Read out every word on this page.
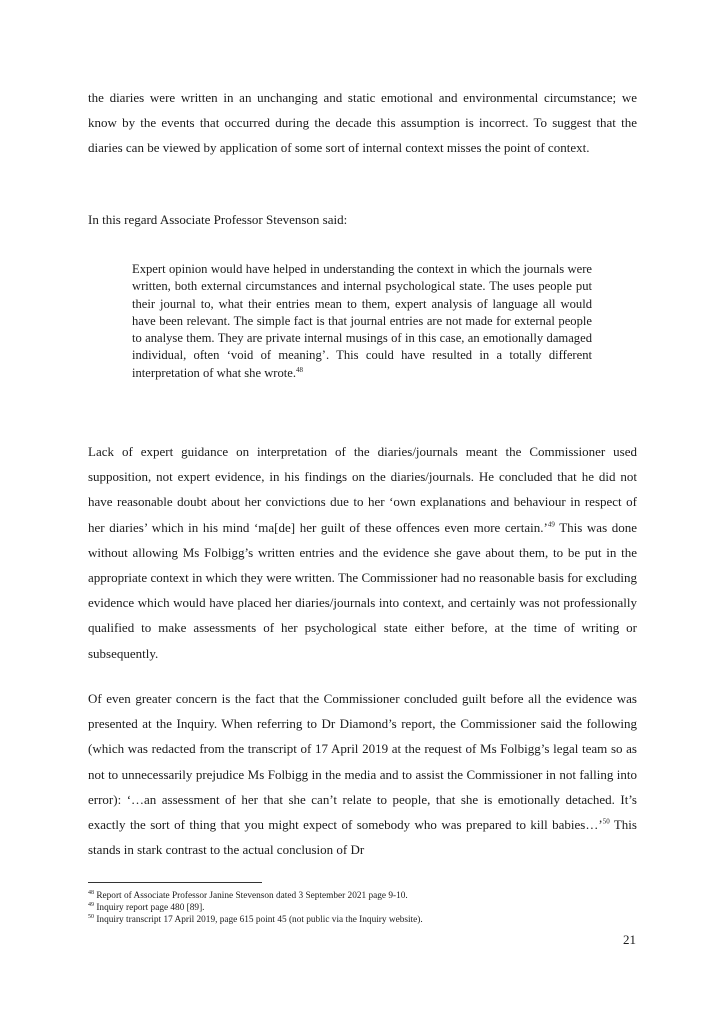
the diaries were written in an unchanging and static emotional and environmental circumstance; we know by the events that occurred during the decade this assumption is incorrect. To suggest that the diaries can be viewed by application of some sort of internal context misses the point of context.

In this regard Associate Professor Stevenson said:

Expert opinion would have helped in understanding the context in which the journals were written, both external circumstances and internal psychological state. The uses people put their journal to, what their entries mean to them, expert analysis of language all would have been relevant. The simple fact is that journal entries are not made for external people to analyse them. They are private internal musings of in this case, an emotionally damaged individual, often ‘void of meaning’. This could have resulted in a totally different interpretation of what she wrote.$^{48}$

Lack of expert guidance on interpretation of the diaries/journals meant the Commissioner used supposition, not expert evidence, in his findings on the diaries/journals. He concluded that he did not have reasonable doubt about her convictions due to her ‘own explanations and behaviour in respect of her diaries’ which in his mind ‘ma[de] her guilt of these offences even more certain.’$^{49}$ This was done without allowing Ms Folbigg’s written entries and the evidence she gave about them, to be put in the appropriate context in which they were written. The Commissioner had no reasonable basis for excluding evidence which would have placed her diaries/journals into context, and certainly was not professionally qualified to make assessments of her psychological state either before, at the time of writing or subsequently.

Of even greater concern is the fact that the Commissioner concluded guilt before all the evidence was presented at the Inquiry. When referring to Dr Diamond’s report, the Commissioner said the following (which was redacted from the transcript of 17 April 2019 at the request of Ms Folbigg’s legal team so as not to unnecessarily prejudice Ms Folbigg in the media and to assist the Commissioner in not falling into error): ‘…an assessment of her that she can’t relate to people, that she is emotionally detached. It’s exactly the sort of thing that you might expect of somebody who was prepared to kill babies…’$^{50}$ This stands in stark contrast to the actual conclusion of Dr

$^{48}$ Report of Associate Professor Janine Stevenson dated 3 September 2021 page 9-10.

$^{49}$ Inquiry report page 480 [89].

$^{50}$ Inquiry transcript 17 April 2019, page 615 point 45 (not public via the Inquiry website).

21
